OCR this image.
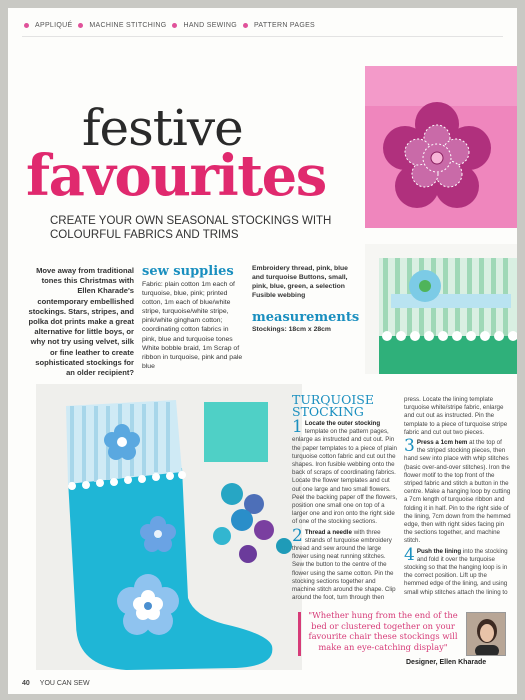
APPLIQUÉ MACHINE STITCHING HAND SEWING PATTERN PAGES
festive
favourites
CREATE YOUR OWN SEASONAL STOCKINGS WITH COLOURFUL FABRICS AND TRIMS
Move away from traditional tones this Christmas with Ellen Kharade's contemporary embellished stockings. Stars, stripes, and polka dot prints make a great alternative for little boys, or why not try using velvet, silk or fine leather to create sophisticated stockings for an older recipient?
sew supplies
Fabric: plain cotton 1m each of turquoise, blue, pink; printed cotton, 1m each of blue/white stripe, turquoise/white stripe, pink/white gingham cotton; coordinating cotton fabrics in pink, blue and turquoise tones White bobble braid, 1m Scrap of ribbon in turquoise, pink and pale blue
Embroidery thread, pink, blue and turquoise Buttons, small, pink, blue, green, a selection Fusible webbing
measurements
Stockings: 18cm x 28cm
TURQUOISE
STOCKING

1 Locate the outer stocking template on the pattern pages, enlarge as instructed and cut out. Pin the paper templates to a piece of plain turquoise cotton fabric and cut out the shapes. Iron fusible webbing onto the back of scraps of coordinating fabrics. Locate the flower templates and cut out one large and two small flowers. Peel the backing paper off the flowers, position one small one on top of a larger one and iron onto the right side of one of the stocking sections.

2 Thread a needle with three strands of turquoise embroidery thread and sew around the large flower using neat running stitches. Sew the button to the centre of the flower using the same cotton. Pin the stocking sections together and machine stitch around the shape. Clip around the foot, turn through then

press. Locate the lining template turquoise white/stripe fabric, enlarge and cut out as instructed. Pin the template to a piece of turquoise stripe fabric and cut out two pieces.

3 Press a 1cm hem at the top of the striped stocking pieces, then hand sew into place with whip stitches (basic over-and-over stitches). Iron the flower motif to the top front of the striped fabric and stitch a button in the centre. Make a hanging loop by cutting a 7cm length of turquoise ribbon and folding it in half. Pin to the right side of the lining, 7cm down from the hemmed edge, then with right sides facing pin the sections together, and machine stitch.

4 Push the lining into the stocking and fold it over the turquoise stocking so that the hanging loop is in the correct position. Lift up the hemmed edge of the lining, and using small whip stitches attach the lining to

"Whether hung from the end of the bed or clustered together on your favourite chair these stockings will make an eye-catching display"
Designer, Ellen Kharade
40 YOU CAN SEW
